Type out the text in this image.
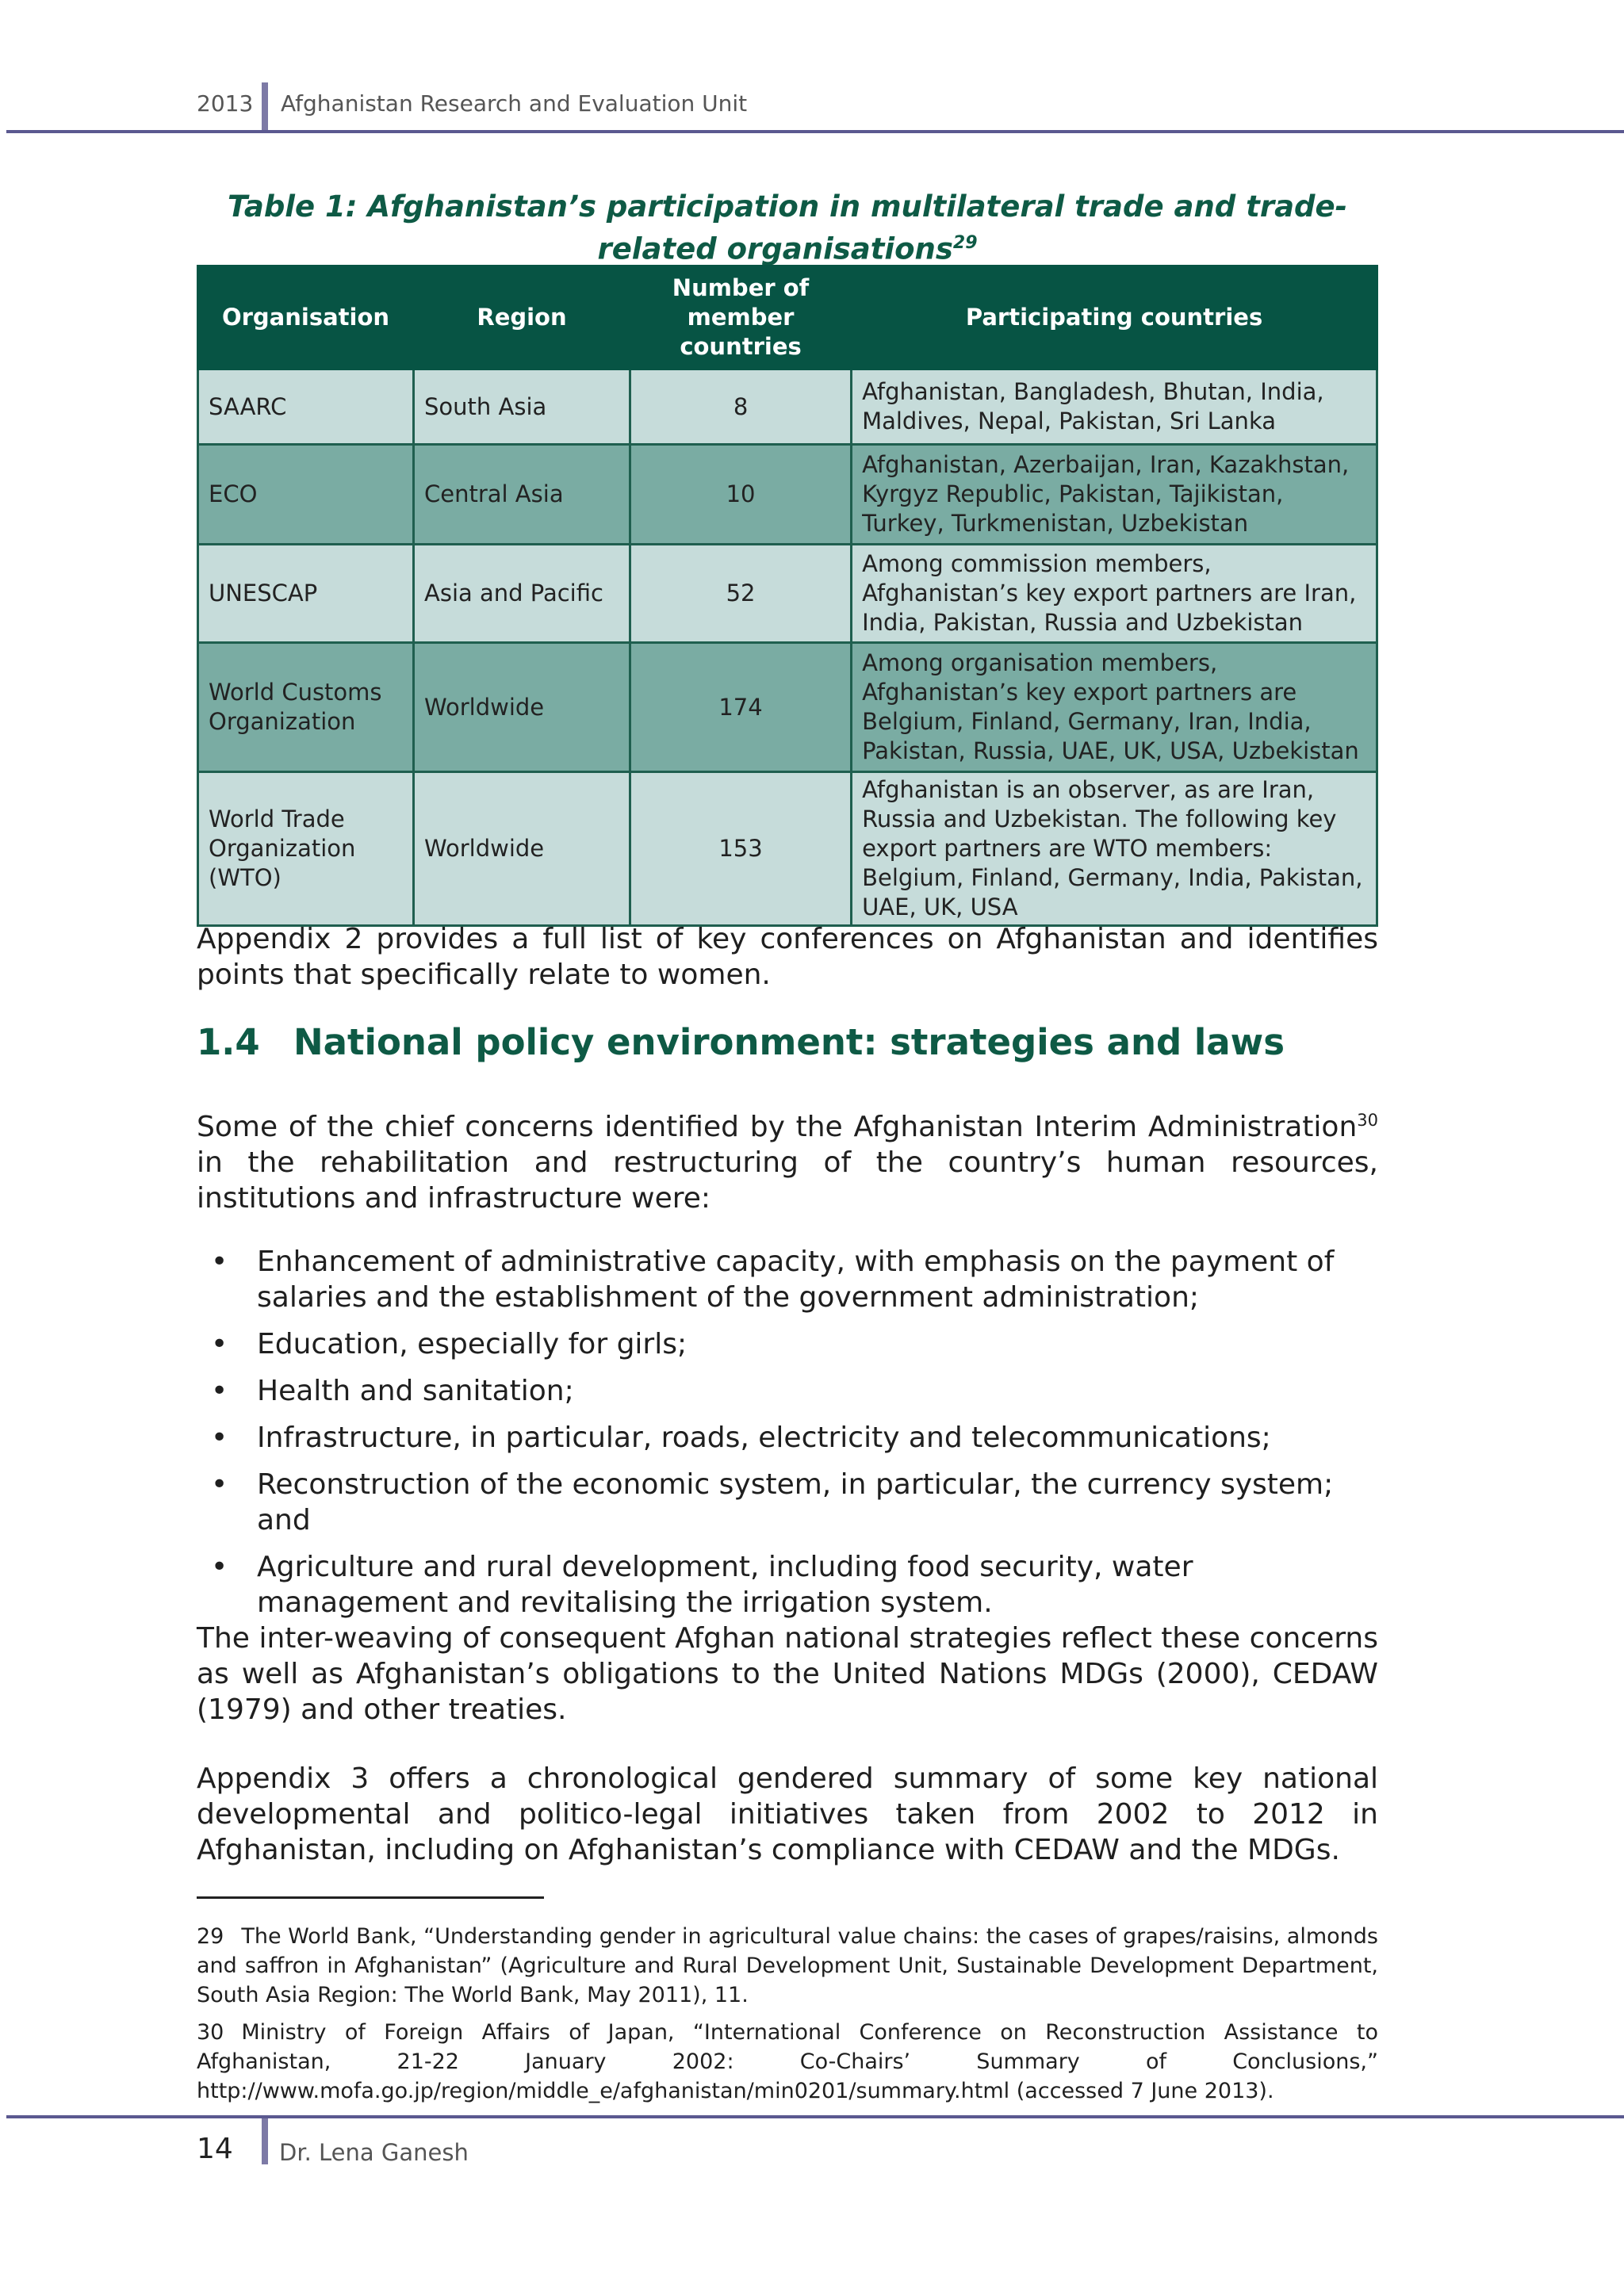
2013 Afghanistan Research and Evaluation Unit
Table 1: Afghanistan’s participation in multilateral trade and trade-related organisations$^{29}$
Organisation	Region	Number of member countries	Participating countries
SAARC	South Asia	8	Afghanistan, Bangladesh, Bhutan, India, Maldives, Nepal, Pakistan, Sri Lanka
ECO	Central Asia	10	Afghanistan, Azerbaijan, Iran, Kazakhstan, Kyrgyz Republic, Pakistan, Tajikistan, Turkey, Turkmenistan, Uzbekistan
UNESCAP	Asia and Pacific	52	Among commission members, Afghanistan’s key export partners are Iran, India, Pakistan, Russia and Uzbekistan
World Customs Organization	Worldwide	174	Among organisation members, Afghanistan’s key export partners are Belgium, Finland, Germany, Iran, India, Pakistan, Russia, UAE, UK, USA, Uzbekistan
World Trade Organization (WTO)	Worldwide	153	Afghanistan is an observer, as are Iran, Russia and Uzbekistan. The following key export partners are WTO members: Belgium, Finland, Germany, India, Pakistan, UAE, UK, USA
Appendix 2 provides a full list of key conferences on Afghanistan and identifies points that specifically relate to women.
1.4 National policy environment: strategies and laws
Some of the chief concerns identified by the Afghanistan Interim Administration$^{30}$ in the rehabilitation and restructuring of the country’s human resources, institutions and infrastructure were:
• Enhancement of administrative capacity, with emphasis on the payment of salaries and the establishment of the government administration;
• Education, especially for girls;
• Health and sanitation;
• Infrastructure, in particular, roads, electricity and telecommunications;
• Reconstruction of the economic system, in particular, the currency system; and
• Agriculture and rural development, including food security, water management and revitalising the irrigation system.
The inter-weaving of consequent Afghan national strategies reflect these concerns as well as Afghanistan’s obligations to the United Nations MDGs (2000), CEDAW (1979) and other treaties.
Appendix 3 offers a chronological gendered summary of some key national developmental and politico-legal initiatives taken from 2002 to 2012 in Afghanistan, including on Afghanistan’s compliance with CEDAW and the MDGs.
29 The World Bank, “Understanding gender in agricultural value chains: the cases of grapes/raisins, almonds and saffron in Afghanistan” (Agriculture and Rural Development Unit, Sustainable Development Department, South Asia Region: The World Bank, May 2011), 11.
30 Ministry of Foreign Affairs of Japan, “International Conference on Reconstruction Assistance to Afghanistan, 21-22 January 2002: Co-Chairs’ Summary of Conclusions,” http://www.mofa.go.jp/region/middle_e/afghanistan/min0201/summary.html (accessed 7 June 2013).
14 Dr. Lena Ganesh
